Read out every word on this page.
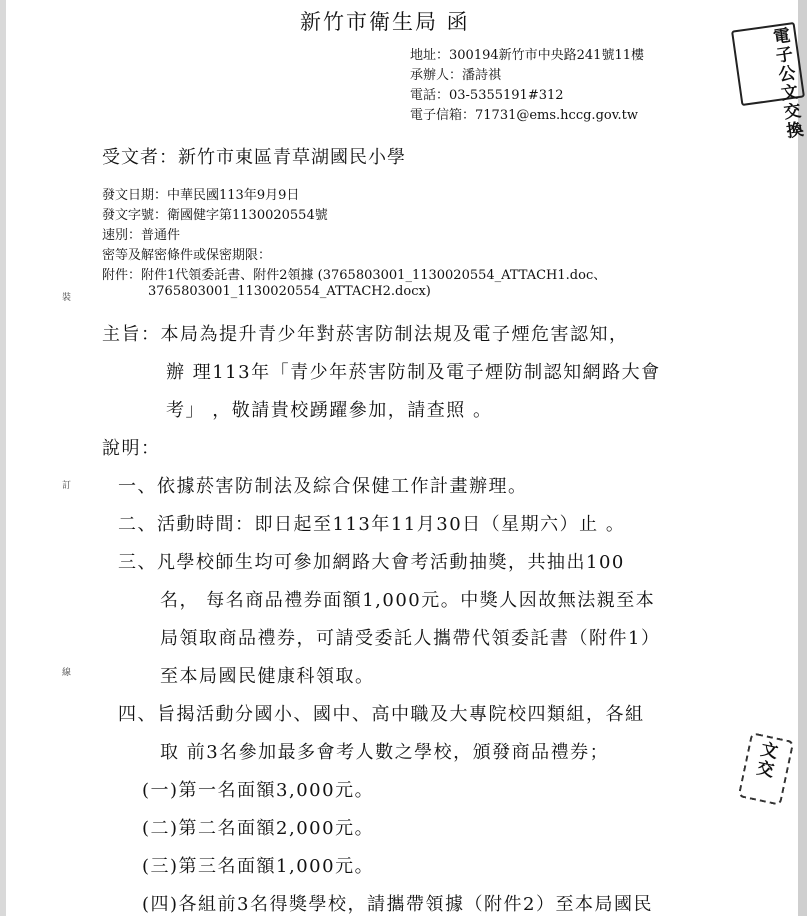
新竹市衛生局 函
地址：300194新竹市中央路241號11樓
承辦人：潘詩祺
電話：03-5355191#312
電子信箱：71731@ems.hccg.gov.tw
電子公文交換
受文者：新竹市東區青草湖國民小學
發文日期：中華民國113年9月9日
發文字號：衛國健字第1130020554號
速別：普通件
密等及解密條件或保密期限：
附件：附件1代領委託書、附件2領據 (3765803001_1130020554_ATTACH1.doc、
3765803001_1130020554_ATTACH2.docx)
裝
訂
線
主旨：本局為提升青少年對菸害防制法規及電子煙危害認知，
辦 理113年「青少年菸害防制及電子煙防制認知網路大會
考」 ，敬請貴校踴躍參加，請查照 。
說明：
一、依據菸害防制法及綜合保健工作計畫辦理。
二、活動時間：即日起至113年11月30日（星期六）止 。
三、凡學校師生均可參加網路大會考活動抽獎，共抽出100
名， 每名商品禮券面額1,000元。中獎人因故無法親至本
局領取商品禮券，可請受委託人攜帶代領委託書（附件1）
至本局國民健康科領取。
四、旨揭活動分國小、國中、高中職及大專院校四類組，各組
取 前3名參加最多會考人數之學校，頒發商品禮券；
(一)第一名面額3,000元。
(二)第二名面額2,000元。
(三)第三名面額1,000元。
(四)各組前3名得獎學校，請攜帶領據（附件2）至本局國民
文交
